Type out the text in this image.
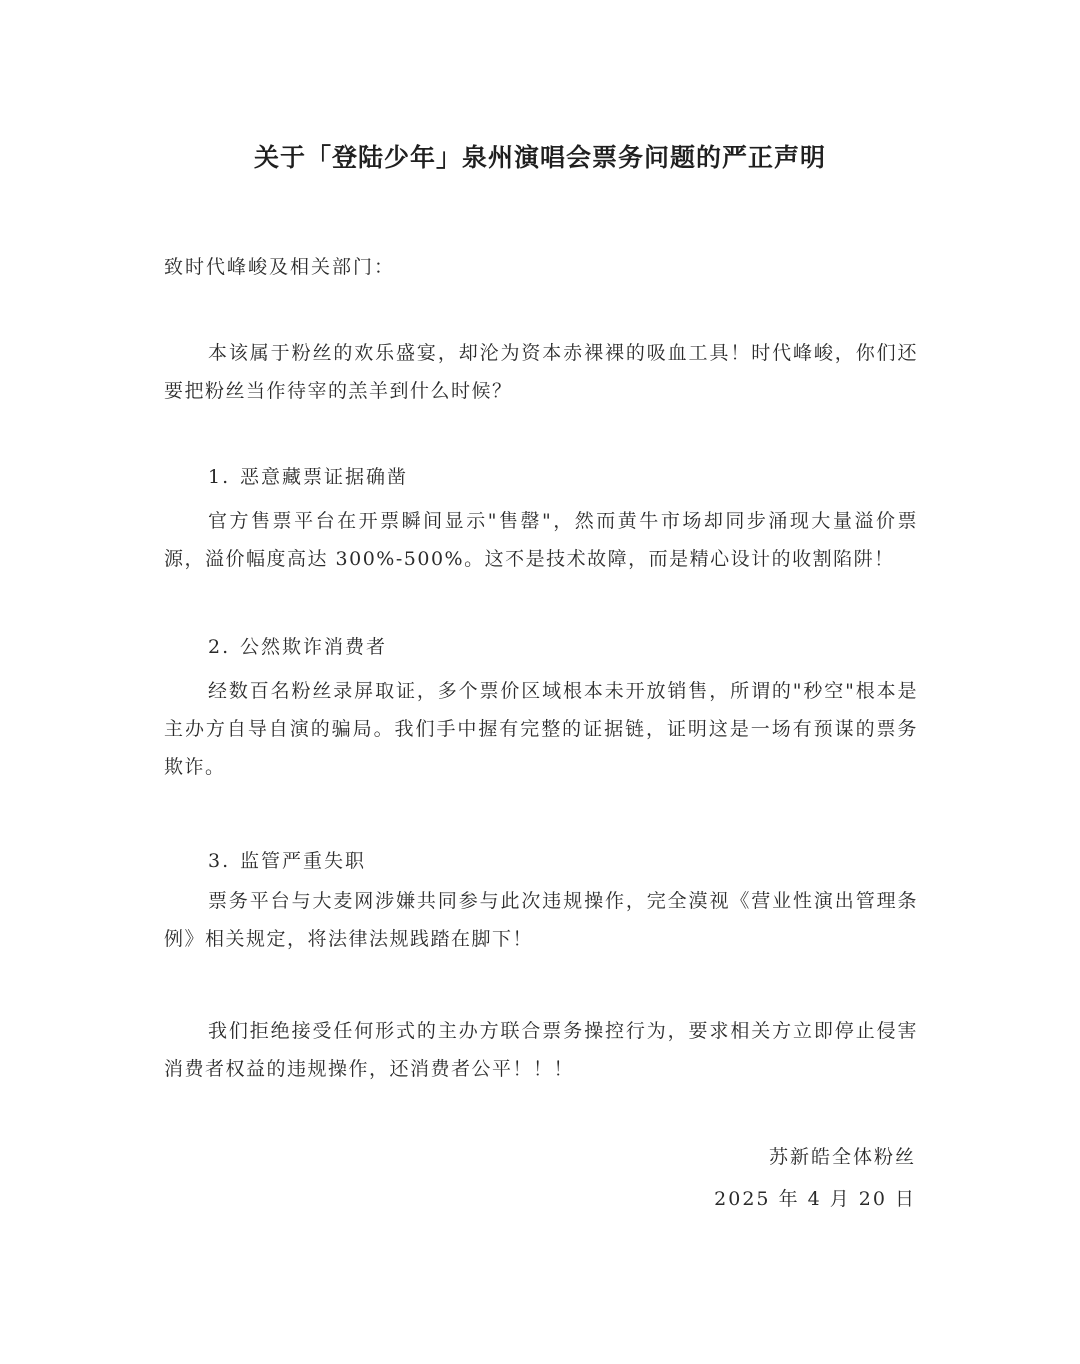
关于「登陆少年」泉州演唱会票务问题的严正声明
致时代峰峻及相关部门：
本该属于粉丝的欢乐盛宴，却沦为资本赤裸裸的吸血工具！时代峰峻，你们还要把粉丝当作待宰的羔羊到什么时候？
1. 恶意藏票证据确凿
官方售票平台在开票瞬间显示"售罄"，然而黄牛市场却同步涌现大量溢价票源，溢价幅度高达 300%-500%。这不是技术故障，而是精心设计的收割陷阱！
2. 公然欺诈消费者
经数百名粉丝录屏取证，多个票价区域根本未开放销售，所谓的"秒空"根本是主办方自导自演的骗局。我们手中握有完整的证据链，证明这是一场有预谋的票务欺诈。
3. 监管严重失职
票务平台与大麦网涉嫌共同参与此次违规操作，完全漠视《营业性演出管理条例》相关规定，将法律法规践踏在脚下！
我们拒绝接受任何形式的主办方联合票务操控行为，要求相关方立即停止侵害消费者权益的违规操作，还消费者公平！！！
苏新皓全体粉丝
2025 年 4 月 20 日
